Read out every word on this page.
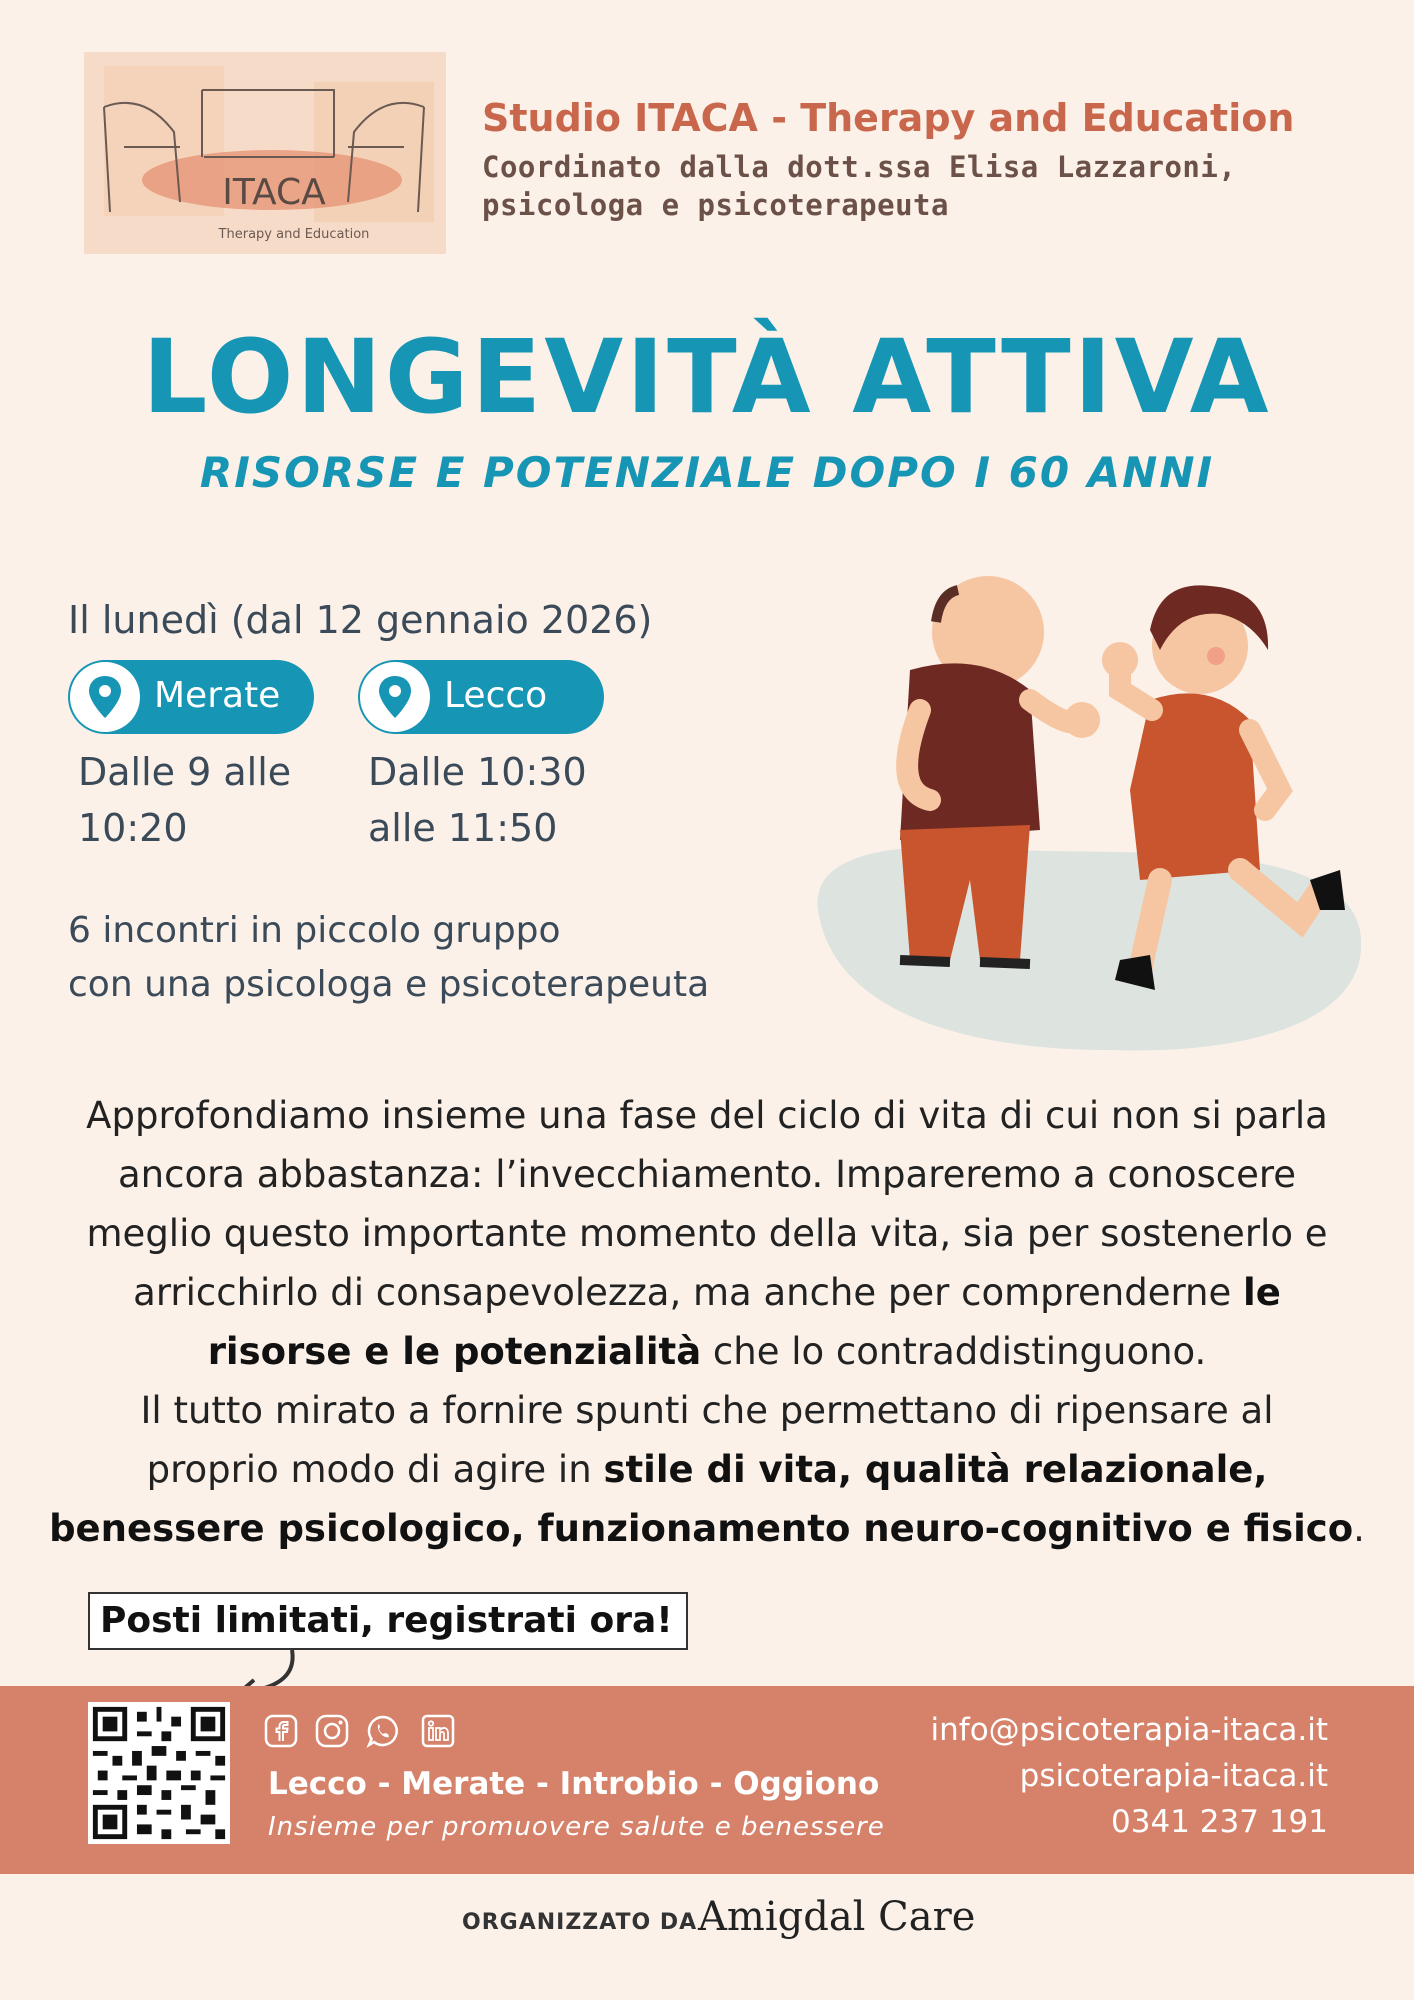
ITACA
Therapy and Education
Studio ITACA - Therapy and Education
Coordinato dalla dott.ssa Elisa Lazzaroni,
psicologa e psicoterapeuta
LONGEVITÀ ATTIVA
RISORSE E POTENZIALE DOPO I 60 ANNI
Il lunedì (dal 12 gennaio 2026)
Merate
Dalle 9 alle
10:20
Lecco
Dalle 10:30
alle 11:50
6 incontri in piccolo gruppo
con una psicologa e psicoterapeuta
Approfondiamo insieme una fase del ciclo di vita di cui non si parla
ancora abbastanza: l’invecchiamento. Impareremo a conoscere
meglio questo importante momento della vita, sia per sostenerlo e
arricchirlo di consapevolezza, ma anche per comprenderne le
risorse e le potenzialità che lo contraddistinguono.
Il tutto mirato a fornire spunti che permettano di ripensare al
proprio modo di agire in stile di vita, qualità relazionale,
benessere psicologico, funzionamento neuro-cognitivo e fisico.
Posti limitati, registrati ora!
Lecco - Merate - Introbio - Oggiono
Insieme per promuovere salute e benessere
info@psicoterapia-itaca.it
psicoterapia-itaca.it
0341 237 191
ORGANIZZATO DA Amigdal Care
